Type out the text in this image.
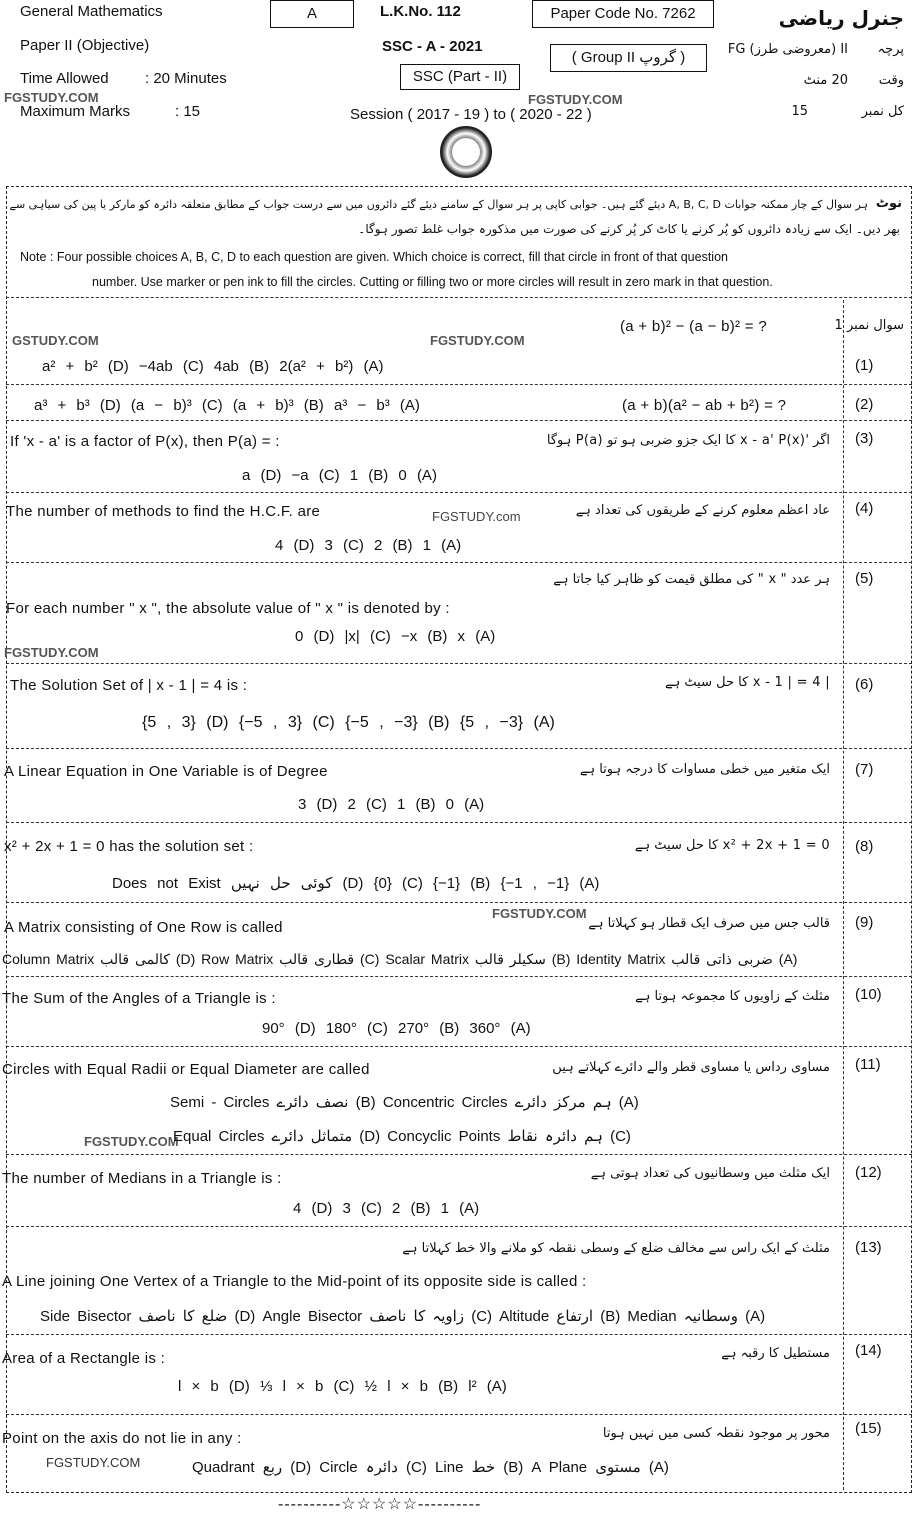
General Mathematics
Paper II (Objective)
Time Allowed : 20 Minutes
Maximum Marks	: 15
FGSTUDY.COM
A	L.K.No. 112	Paper Code No. 7262
SSC - A - 2021
( Group II گروپ )
SSC (Part - II)
Session ( 2017 - 19 ) to ( 2020 - 22 )
FGSTUDY.COM
جنرل ریاضی
پرچہ
II (معروضی طرز) FG
وقت
20 منٹ
کل نمبر
15
نوٹ
ہر سوال کے چار ممکنہ جوابات A, B, C, D دیئے گئے ہیں۔ جوابی کاپی پر ہر سوال کے سامنے دیئے گئے دائروں میں سے درست جواب کے مطابق متعلقہ دائرہ کو مارکر یا پین کی سیاہی سے
بھر دیں۔ ایک سے زیادہ دائروں کو پُر کرنے یا کاٹ کر پُر کرنے کی صورت میں مذکورہ جواب غلط تصور ہوگا۔
Note : Four possible choices A, B, C, D to each question are given. Which choice is correct, fill that circle in front of that question
number. Use marker or pen ink to fill the circles. Cutting or filling two or more circles will result in zero mark in that question.
سوال نمبر 1
(a + b)² − (a − b)² = ?
GSTUDY.COM	FGSTUDY.COM
a² + b² (D) −4ab (C) 4ab (B) 2(a² + b²) (A)	(1)
a³ + b³ (D) (a − b)³ (C) (a + b)³ (B) a³ − b³ (A)	(a + b)(a² − ab + b²) = ?	(2)
If 'x - a' is a factor of P(x), then P(a) = :	اگر 'x - a' P(x) کا ایک جزو ضربی ہو تو P(a) ہوگا (3)
a (D) −a (C) 1 (B) 0 (A)
The number of methods to find the H.C.F. are	FGSTUDY.com	عاد اعظم معلوم کرنے کے طریقوں کی تعداد ہے (4)
4 (D) 3 (C) 2 (B) 1 (A)
ہر عدد " x " کی مطلق قیمت کو ظاہر کیا جاتا ہے (5)
For each number " x ", the absolute value of " x " is denoted by :
0 (D) |x| (C) −x (B) x (A)
FGSTUDY.COM
The Solution Set of | x - 1 | = 4 is :	| x - 1 | = 4 کا حل سیٹ ہے (6)
{5 , 3} (D) {−5 , 3} (C) {−5 , −3} (B) {5 , −3} (A)
A Linear Equation in One Variable is of Degree	ایک متغیر میں خطی مساوات کا درجہ ہوتا ہے (7)
3 (D) 2 (C) 1 (B) 0 (A)
x² + 2x + 1 = 0 has the solution set :	x² + 2x + 1 = 0 کا حل سیٹ ہے (8)
Does not Exist کوئی حل نہیں (D) {0} (C) {−1} (B) {−1 , −1} (A)
A Matrix consisting of One Row is called
FGSTUDY.COM
قالب جس میں صرف ایک قطار ہو کہلاتا ہے (9)
Column Matrix کالمی قالب (D) Row Matrix قطاری قالب (C) Scalar Matrix سکیلر قالب (B) Identity Matrix ضربی ذاتی قالب (A)
The Sum of the Angles of a Triangle is :	مثلث کے زاویوں کا مجموعہ ہوتا ہے (10)
90° (D) 180° (C) 270° (B) 360° (A)
Circles with Equal Radii or Equal Diameter are called	مساوی رداس یا مساوی قطر والے دائرے کہلاتے ہیں (11)
Semi - Circles نصف دائرے (B) Concentric Circles ہم مرکز دائرے (A)
FGSTUDY.COM
Equal Circles متماثل دائرے (D) Concyclic Points ہم دائرہ نقاط (C)
The number of Medians in a Triangle is :	ایک مثلث میں وسطانیوں کی تعداد ہوتی ہے (12)
4 (D) 3 (C) 2 (B) 1 (A)
مثلث کے ایک راس سے مخالف ضلع کے وسطی نقطہ کو ملانے والا خط کہلاتا ہے (13)
A Line joining One Vertex of a Triangle to the Mid-point of its opposite side is called :
Side Bisector ضلع کا ناصف (D) Angle Bisector زاویہ کا ناصف (C) Altitude ارتفاع (B) Median وسطانیہ (A)
Area of a Rectangle is :	مستطیل کا رقبہ ہے (14)
l × b (D) ⅓ l × b (C) ½ l × b (B) l² (A)
Point on the axis do not lie in any :	محور پر موجود نقطہ کسی میں نہیں ہوتا (15)
FGSTUDY.COM	Quadrant ربع (D) Circle دائرہ (C) Line خط (B) A Plane مستوی (A)
----------☆☆☆☆☆----------
